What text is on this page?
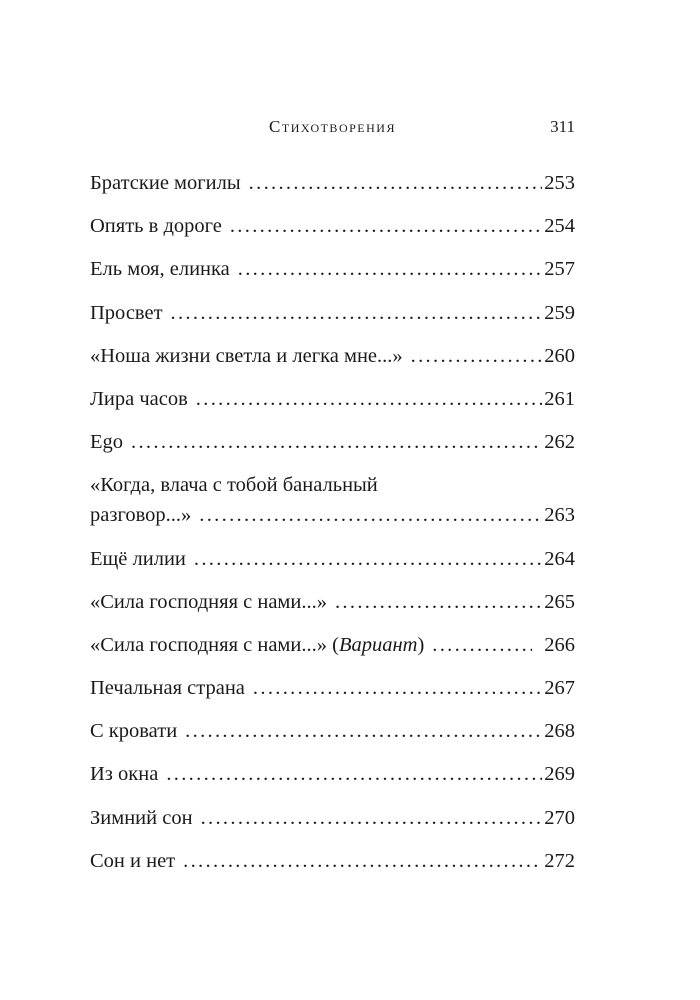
Стихотворения	311
Братские могилы . . .	253
Опять в дороге . . .	254
Ель моя, елинка . . .	257
Просвет . . .	259
«Ноша жизни светла и легка мне...» . . .	260
Лира часов . . .	261
Ego . . .	262
«Когда, влача с тобой банальный
разговор...» . . .	263
Ещё лилии . . .	264
«Сила господняя с нами...» . . .	265
«Сила господняя с нами...» (Вариант) . . .	266
Печальная страна . . .	267
С кровати . . .	268
Из окна . . .	269
Зимний сон . . .	270
Сон и нет . . .	272
